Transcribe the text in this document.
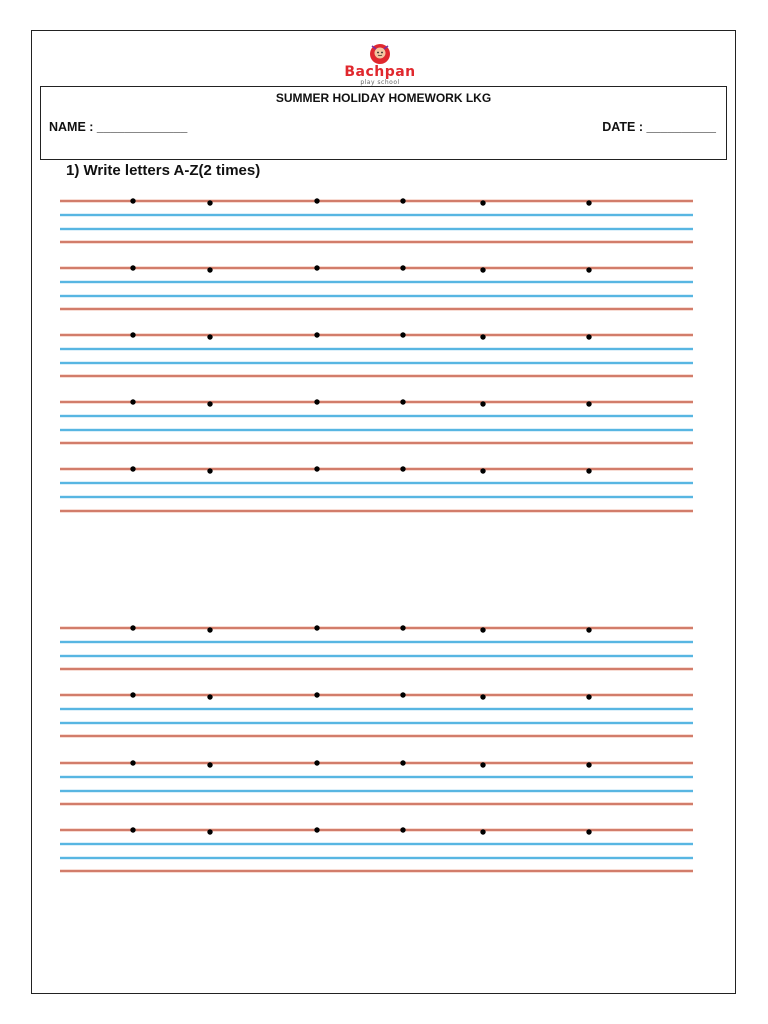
Bachpan
play school
SUMMER HOLIDAY HOMEWORK LKG
NAME : _____________	DATE : __________
1) Write letters A-Z(2 times)
